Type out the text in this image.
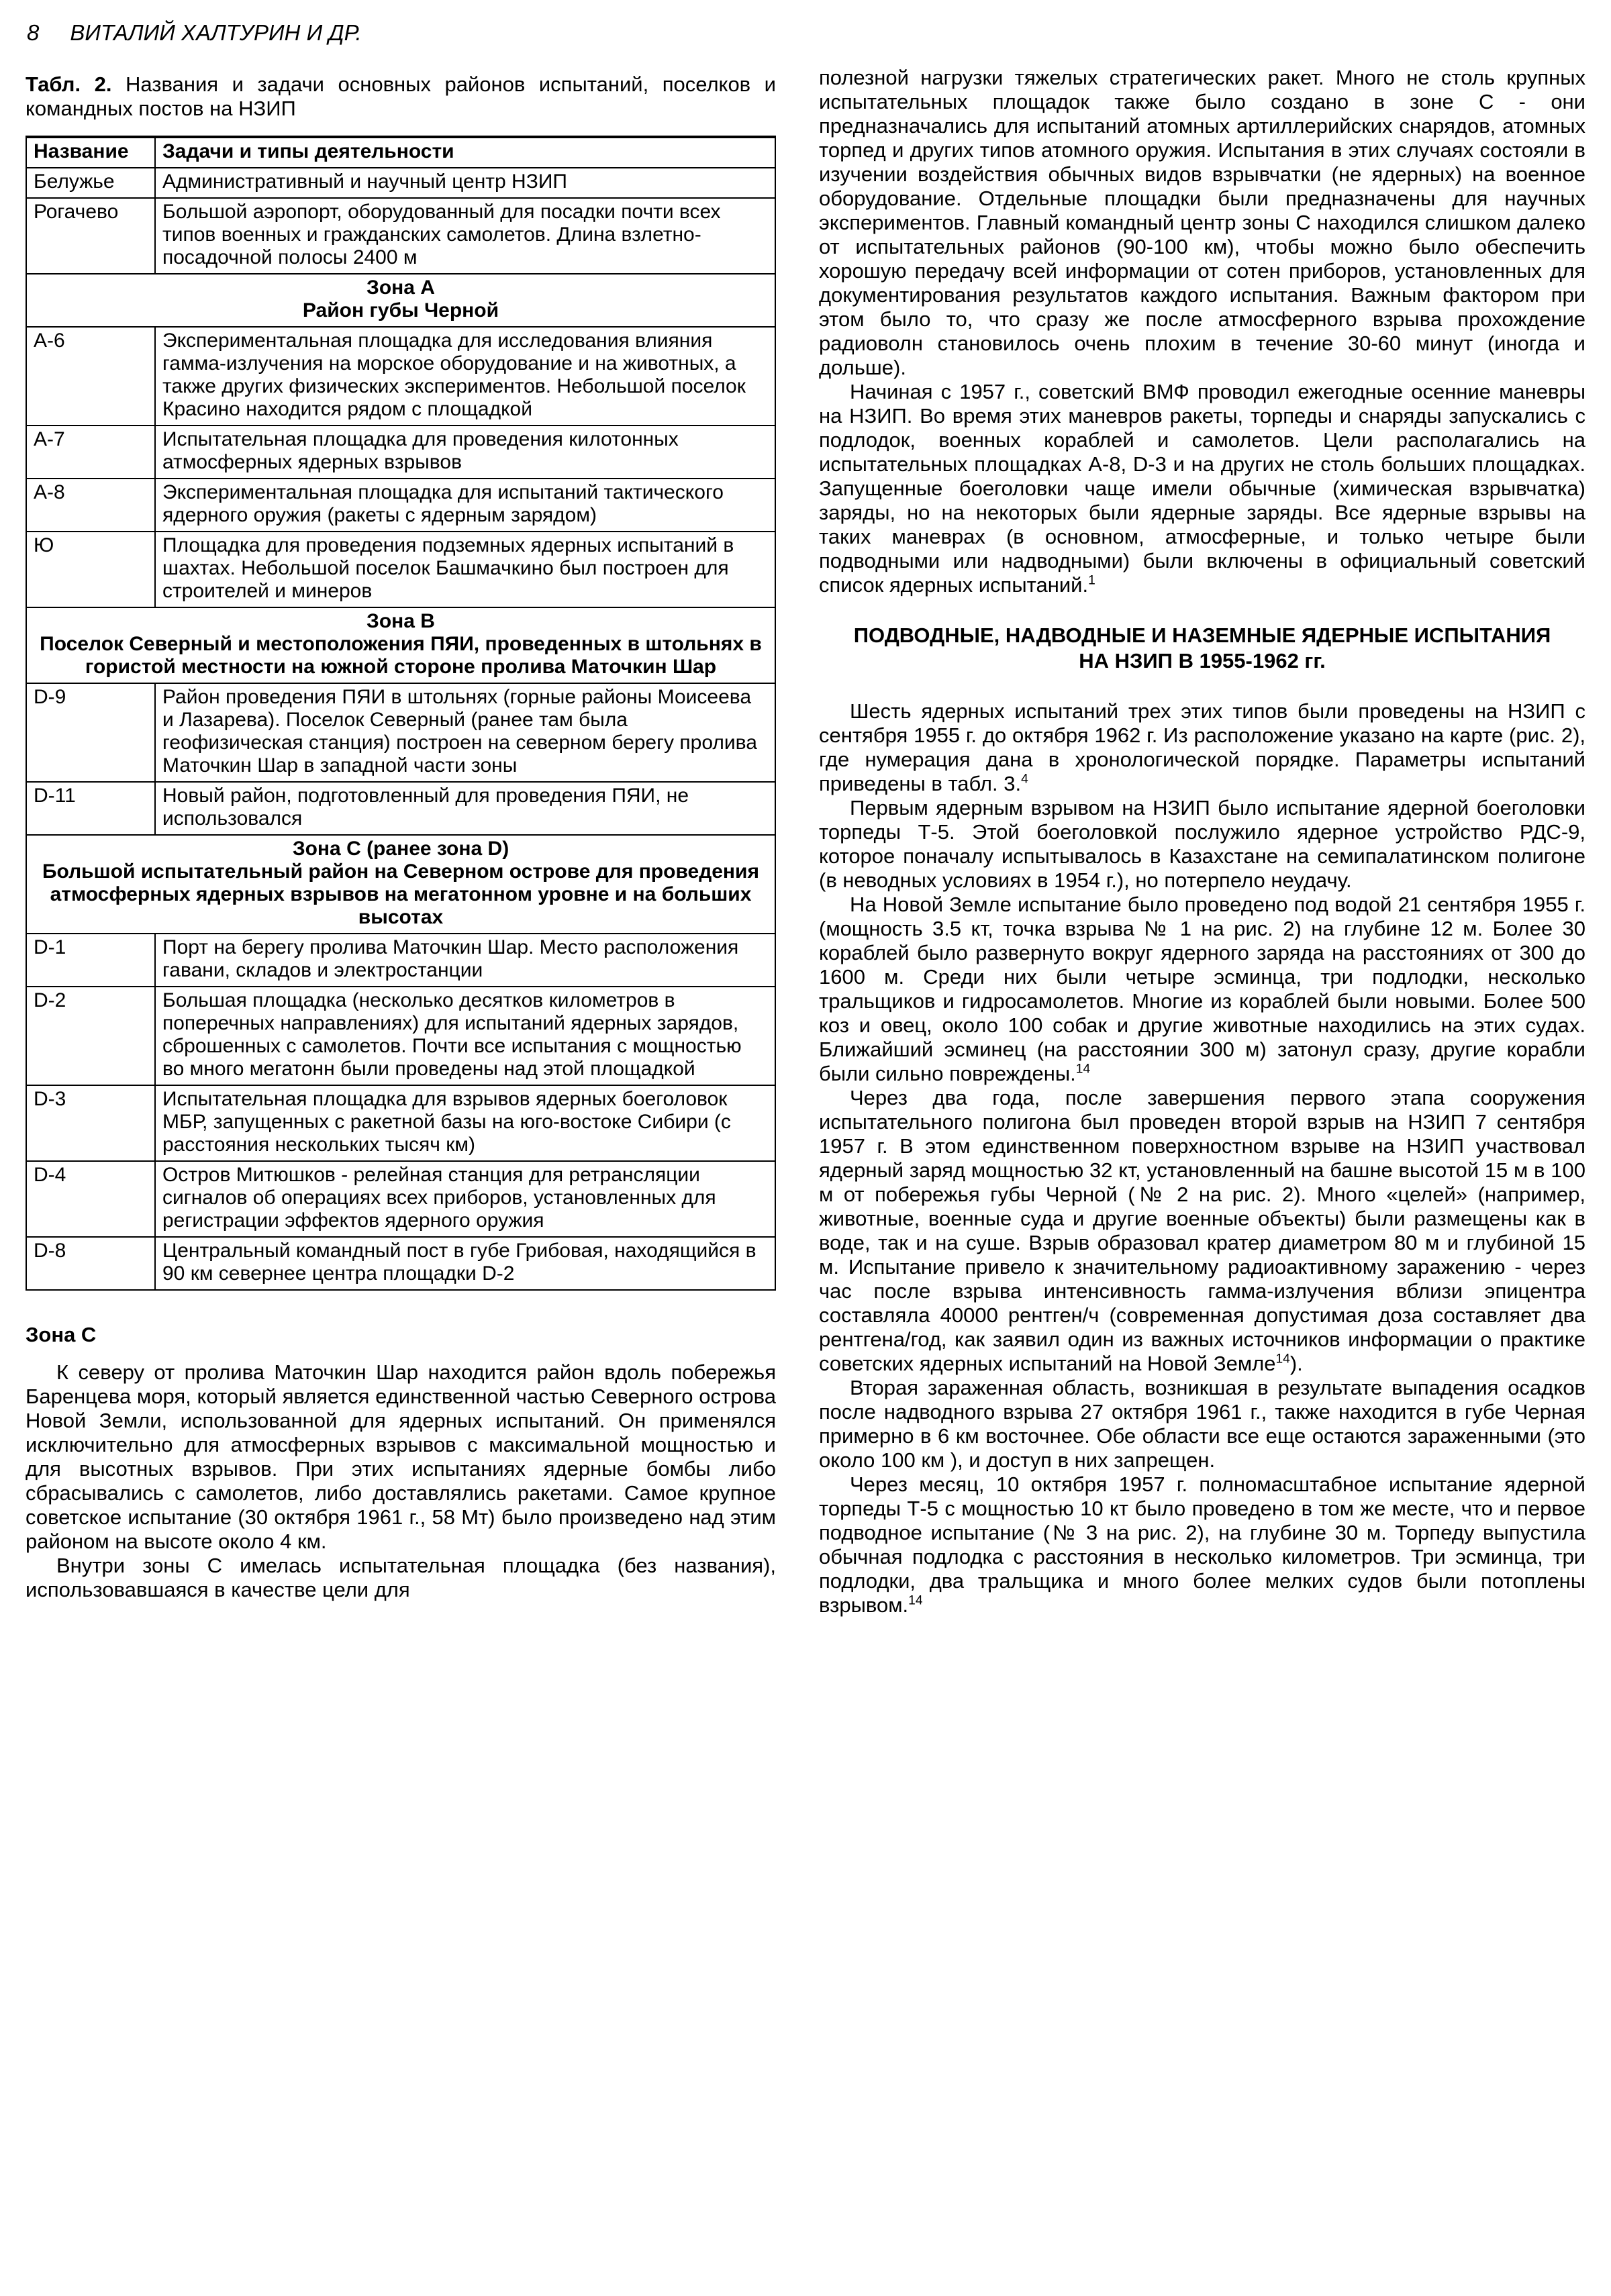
8 ВИТАЛИЙ ХАЛТУРИН И ДР.

Табл. 2. Названия и задачи основных районов испытаний, поселков и командных постов на НЗИП

Название	Задачи и типы деятельности
Белужье	Административный и научный центр НЗИП
Рогачево	Большой аэропорт, оборудованный для посадки почти всех типов военных и гражданских самолетов. Длина взлетно-посадочной полосы 2400 м

Зона А
Район губы Черной	

А-6	Экспериментальная площадка для исследования влияния гамма-излучения на морское оборудование и на животных, а также других физических экспериментов. Небольшой поселок Красино находится рядом с площадкой
А-7	Испытательная площадка для проведения килотонных атмосферных ядерных взрывов
А-8	Экспериментальная площадка для испытаний тактического ядерного оружия (ракеты с ядерным зарядом)
Ю	Площадка для проведения подземных ядерных испытаний в шахтах. Небольшой поселок Башмачкино был построен для строителей и минеров

Зона В
Поселок Северный и местоположения ПЯИ, проведенных в штольнях в гористой местности на южной стороне пролива Маточкин Шар	

D-9	Район проведения ПЯИ в штольнях (горные районы Моисеева и Лазарева). Поселок Северный (ранее там была геофизическая станция) построен на северном берегу пролива Маточкин Шар в западной части зоны
D-11	Новый район, подготовленный для проведения ПЯИ, не использовался

Зона С (ранее зона D)
Большой испытательный район на Северном острове для проведения атмосферных ядерных взрывов на мегатонном уровне и на больших высотах	

D-1	Порт на берегу пролива Маточкин Шар. Место расположения гавани, складов и электростанции
D-2	Большая площадка (несколько десятков километров в поперечных направлениях) для испытаний ядерных зарядов, сброшенных с самолетов. Почти все испытания с мощностью во много мегатонн были проведены над этой площадкой
D-3	Испытательная площадка для взрывов ядерных боеголовок МБР, запущенных с ракетной базы на юго-востоке Сибири (с расстояния нескольких тысяч км)
D-4	Остров Митюшков - релейная станция для ретрансляции сигналов об операциях всех приборов, установленных для регистрации эффектов ядерного оружия
D-8	Центральный командный пост в губе Грибовая, находящийся в 90 км севернее центра площадки D-2
Зона С

К северу от пролива Маточкин Шар находится район вдоль побережья Баренцева моря, который является единственной частью Северного острова Новой Земли, использованной для ядерных испытаний. Он применялся исключительно для атмосферных взрывов с максимальной мощностью и для высотных взрывов. При этих испытаниях ядерные бомбы либо сбрасывались с самолетов, либо доставлялись ракетами. Самое крупное советское испытание (30 октября 1961 г., 58 Мт) было произведено над этим районом на высоте около 4 км.

Внутри зоны С имелась испытательная площадка (без названия), использовавшаяся в качестве цели для

полезной нагрузки тяжелых стратегических ракет. Много не столь крупных испытательных площадок также было создано в зоне С - они предназначались для испытаний атомных артиллерийских снарядов, атомных торпед и других типов атомного оружия. Испытания в этих случаях состояли в изучении воздействия обычных видов взрывчатки (не ядерных) на военное оборудование. Отдельные площадки были предназначены для научных экспериментов. Главный командный центр зоны С находился слишком далеко от испытательных районов (90-100 км), чтобы можно было обеспечить хорошую передачу всей информации от сотен приборов, установленных для документирования результатов каждого испытания. Важным фактором при этом было то, что сразу же после атмосферного взрыва прохождение радиоволн становилось очень плохим в течение 30-60 минут (иногда и дольше).

Начиная с 1957 г., советский ВМФ проводил ежегодные осенние маневры на НЗИП. Во время этих маневров ракеты, торпеды и снаряды запускались с подлодок, военных кораблей и самолетов. Цели располагались на испытательных площадках А-8, D-3 и на других не столь больших площадках. Запущенные боеголовки чаще имели обычные (химическая взрывчатка) заряды, но на некоторых были ядерные заряды. Все ядерные взрывы на таких маневрах (в основном, атмосферные, и только четыре были подводными или надводными) были включены в официальный советский список ядерных испытаний.$^1$

ПОДВОДНЫЕ, НАДВОДНЫЕ И НАЗЕМНЫЕ ЯДЕРНЫЕ ИСПЫТАНИЯ НА НЗИП В 1955-1962 гг.

Шесть ядерных испытаний трех этих типов были проведены на НЗИП с сентября 1955 г. до октября 1962 г. Из расположение указано на карте (рис. 2), где нумерация дана в хронологической порядке. Параметры испытаний приведены в табл. 3.$^4$

Первым ядерным взрывом на НЗИП было испытание ядерной боеголовки торпеды Т-5. Этой боеголовкой послужило ядерное устройство РДС-9, которое поначалу испытывалось в Казахстане на семипалатинском полигоне (в неводных условиях в 1954 г.), но потерпело неудачу.

На Новой Земле испытание было проведено под водой 21 сентября 1955 г. (мощность 3.5 кт, точка взрыва № 1 на рис. 2) на глубине 12 м. Более 30 кораблей было развернуто вокруг ядерного заряда на расстояниях от 300 до 1600 м. Среди них были четыре эсминца, три подлодки, несколько тральщиков и гидросамолетов. Многие из кораблей были новыми. Более 500 коз и овец, около 100 собак и другие животные находились на этих судах. Ближайший эсминец (на расстоянии 300 м) затонул сразу, другие корабли были сильно повреждены.$^{14}$

Через два года, после завершения первого этапа сооружения испытательного полигона был проведен второй взрыв на НЗИП 7 сентября 1957 г. В этом единственном поверхностном взрыве на НЗИП участвовал ядерный заряд мощностью 32 кт, установленный на башне высотой 15 м в 100 м от побережья губы Черной (№ 2 на рис. 2). Много «целей» (например, животные, военные суда и другие военные объекты) были размещены как в воде, так и на суше. Взрыв образовал кратер диаметром 80 м и глубиной 15 м. Испытание привело к значительному радиоактивному заражению - через час после взрыва интенсивность гамма-излучения вблизи эпицентра составляла 40000 рентген/ч (современная допустимая доза составляет два рентгена/год, как заявил один из важных источников информации о практике советских ядерных испытаний на Новой Земле$^{14}$).

Вторая зараженная область, возникшая в результате выпадения осадков после надводного взрыва 27 октября 1961 г., также находится в губе Черная примерно в 6 км восточнее. Обе области все еще остаются зараженными (это около 100 км ), и доступ в них запрещен.

Через месяц, 10 октября 1957 г. полномасштабное испытание ядерной торпеды Т-5 с мощностью 10 кт было проведено в том же месте, что и первое подводное испытание (№ 3 на рис. 2), на глубине 30 м. Торпеду выпустила обычная подлодка с расстояния в несколько километров. Три эсминца, три подлодки, два тральщика и много более мелких судов были потоплены взрывом.$^{14}$
